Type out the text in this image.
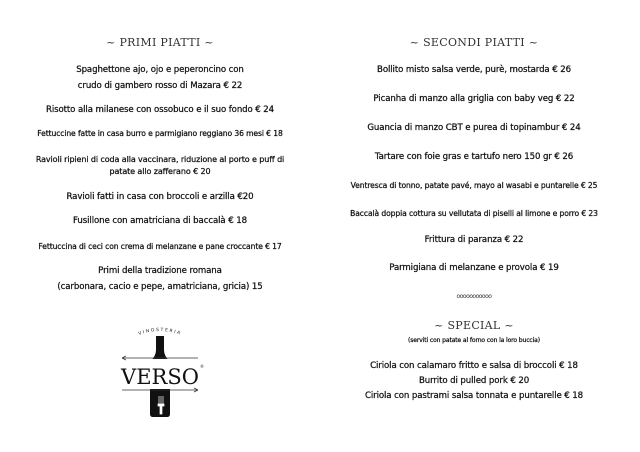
~ PRIMI PIATTI ~
Spaghettone ajo, ojo e peperoncino con
crudo di gambero rosso di Mazara € 22
Risotto alla milanese con ossobuco e il suo fondo € 24
Fettuccine fatte in casa burro e parmigiano reggiano 36 mesi € 18
Ravioli ripieni di coda alla vaccinara, riduzione al porto e puff di
patate allo zafferano € 20
Ravioli fatti in casa con broccoli e arzilla €20
Fusillone con amatriciana di baccalà € 18
Fettuccina di ceci con crema di melanzane e pane croccante € 17
Primi della tradizione romana
(carbonara, cacio e pepe, amatriciana, gricia) 15
VINOSTERIA
VERSO ®
~ SECONDI PIATTI ~
Bollito misto salsa verde, purè, mostarda € 26
Picanha di manzo alla griglia con baby veg € 22
Guancia di manzo CBT e purea di topinambur € 24
Tartare con foie gras e tartufo nero 150 gr € 26
Ventresca di tonno, patate pavé, mayo al wasabi e puntarelle € 25
Baccalà doppia cottura su vellutata di piselli al limone e porro € 23
Frittura di paranza € 22
Parmigiana di melanzane e provola € 19
ooooooooooo
~ SPECIAL ~
(serviti con patate al forno con la loro buccia)
Ciriola con calamaro fritto e salsa di broccoli € 18
Burrito di pulled pork € 20
Ciriola con pastrami salsa tonnata e puntarelle € 18
